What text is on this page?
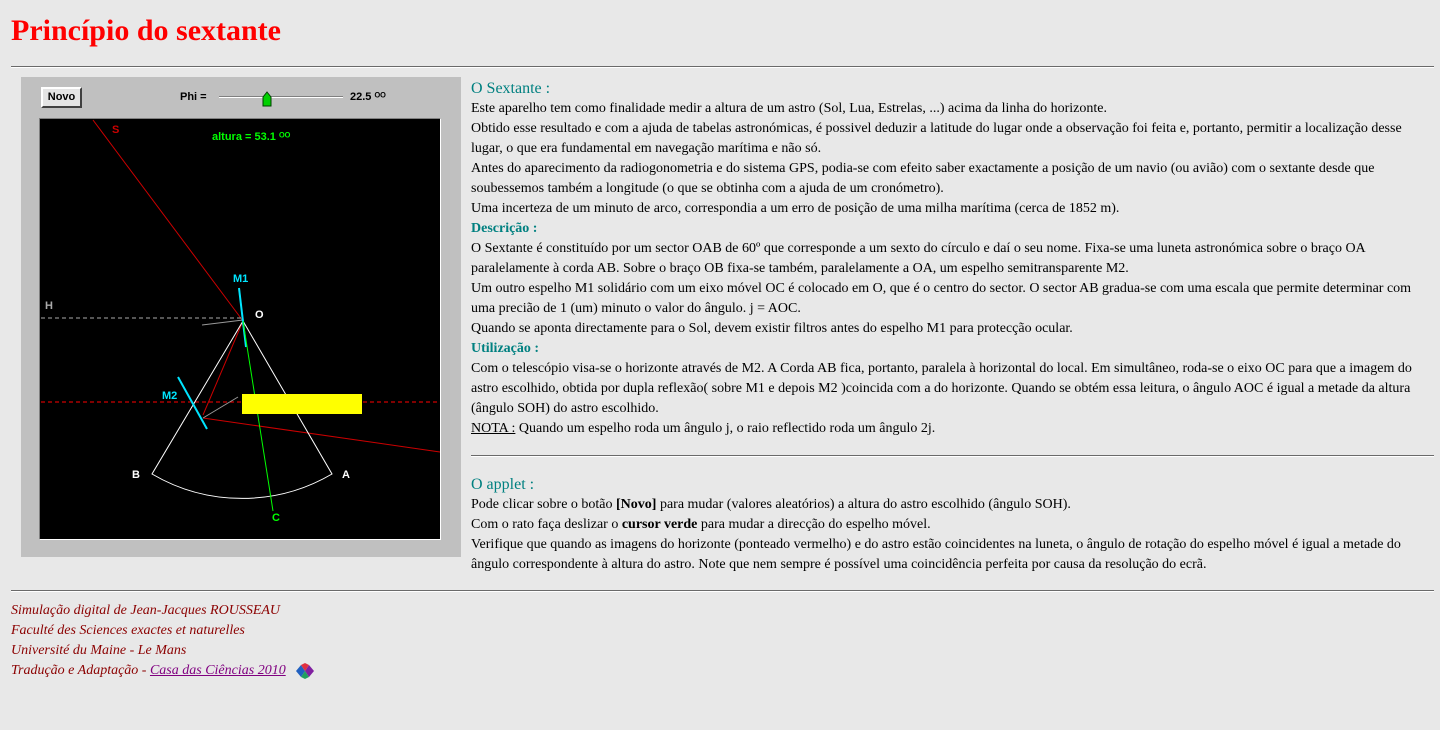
Princípio do sextante
Novo	Phi =	22.5 ᴼᴼ
S
altura = 53.1 ᴼᴼ
M1
H
O
M2
B	A
C

O Sextante :

Este aparelho tem como finalidade medir a altura de um astro (Sol, Lua, Estrelas, ...) acima da linha do horizonte.

Obtido esse resultado e com a ajuda de tabelas astronómicas, é possivel deduzir a latitude do lugar onde a observação foi feita e, portanto, permitir a localização desse lugar, o que era fundamental em navegação marítima e não só.

Antes do aparecimento da radiogonometria e do sistema GPS, podia-se com efeito saber exactamente a posição de um navio (ou avião) com o sextante desde que soubessemos também a longitude (o que se obtinha com a ajuda de um cronómetro).

Uma incerteza de um minuto de arco, correspondia a um erro de posição de uma milha marítima (cerca de 1852 m).

Descrição :

O Sextante é constituído por um sector OAB de 60º que corresponde a um sexto do círculo e daí o seu nome. Fixa-se uma luneta astronómica sobre o braço OA paralelamente à corda AB. Sobre o braço OB fixa-se também, paralelamente a OA, um espelho semitransparente M2.

Um outro espelho M1 solidário com um eixo móvel OC é colocado em O, que é o centro do sector. O sector AB gradua-se com uma escala que permite determinar com uma precião de 1 (um) minuto o valor do ângulo. j = AOC.

Quando se aponta directamente para o Sol, devem existir filtros antes do espelho M1 para protecção ocular.

Utilização :

Com o telescópio visa-se o horizonte através de M2. A Corda AB fica, portanto, paralela à horizontal do local. Em simultâneo, roda-se o eixo OC para que a imagem do astro escolhido, obtida por dupla reflexão( sobre M1 e depois M2 )coincida com a do horizonte. Quando se obtém essa leitura, o ângulo AOC é igual a metade da altura (ângulo SOH) do astro escolhido.

NOTA : Quando um espelho roda um ângulo j, o raio reflectido roda um ângulo 2j.

O applet :

Pode clicar sobre o botão [Novo] para mudar (valores aleatórios) a altura do astro escolhido (ângulo SOH).

Com o rato faça deslizar o cursor verde para mudar a direcção do espelho móvel.

Verifique que quando as imagens do horizonte (ponteado vermelho) e do astro estão coincidentes na luneta, o ângulo de rotação do espelho móvel é igual a metade do ângulo correspondente à altura do astro. Note que nem sempre é possível uma coincidência perfeita por causa da resolução do ecrã.

Simulação digital de Jean-Jacques ROUSSEAU

Faculté des Sciences exactes et naturelles

Université du Maine - Le Mans

Tradução e Adaptação - Casa das Ciências 2010
